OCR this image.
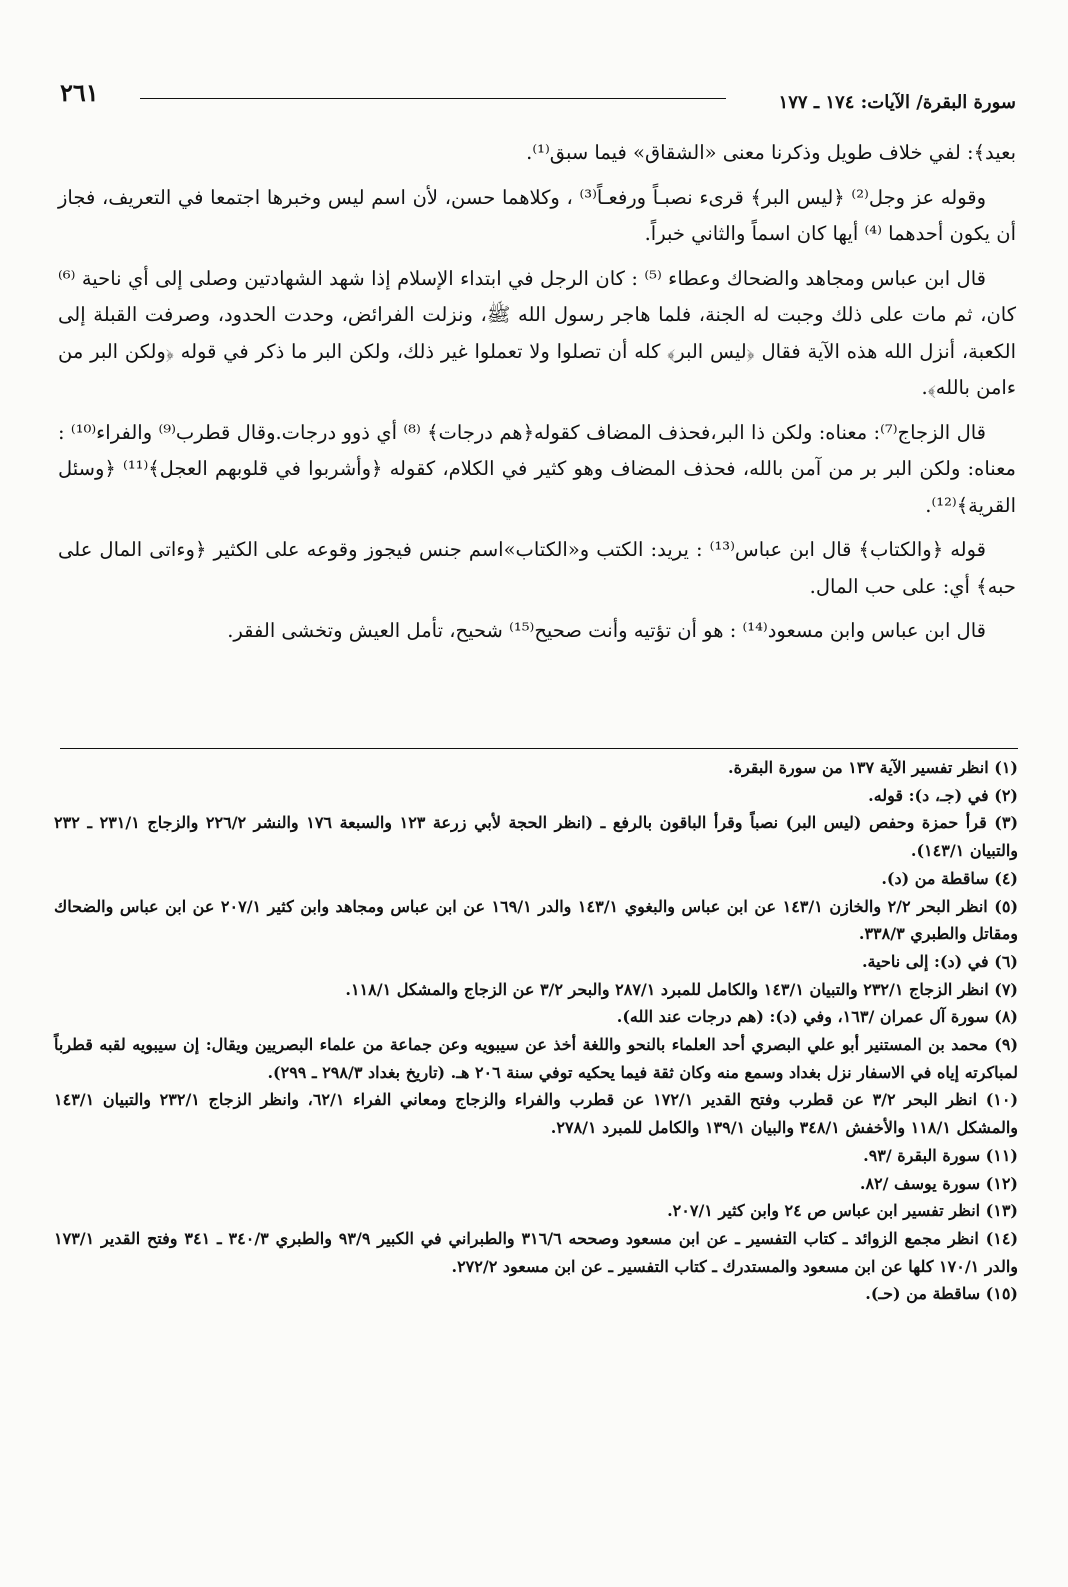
سورة البقرة/ الآيات: ١٧٤ ـ ١٧٧
٢٦١

بعيد﴾: لفي خلاف طويل وذكرنا معنى «الشقاق» فيما سبق⁽¹⁾.

وقوله عز وجل⁽²⁾ ﴿ليس البر﴾ قرىء نصبـاً ورفعـاً⁽³⁾ ، وكلاهما حسن، لأن اسم ليس وخبرها اجتمعا في التعريف، فجاز أن يكون أحدهما ⁽⁴⁾ أيها كان اسماً والثاني خبراً.

قال ابن عباس ومجاهد والضحاك وعطاء ⁽⁵⁾ : كان الرجل في ابتداء الإسلام إذا شهد الشهادتين وصلى إلى أي ناحية ⁽⁶⁾ كان، ثم مات على ذلك وجبت له الجنة، فلما هاجر رسول الله ﷺ، ونزلت الفرائض، وحدت الحدود، وصرفت القبلة إلى الكعبة، أنزل الله هذه الآية فقال ﴿ليس البر﴾ كله أن تصلوا ولا تعملوا غير ذلك، ولكن البر ما ذكر في قوله ﴿ولكن البر من ءامن بالله﴾.

قال الزجاج⁽⁷⁾: معناه: ولكن ذا البر،فحذف المضاف كقوله﴿هم درجات﴾ ⁽⁸⁾ أي ذوو درجات.وقال قطرب⁽⁹⁾ والفراء⁽¹⁰⁾ : معناه: ولكن البر بر من آمن بالله، فحذف المضاف وهو كثير في الكلام، كقوله ﴿وأشربوا في قلوبهم العجل﴾⁽¹¹⁾ ﴿وسئل القرية﴾⁽¹²⁾.

قوله ﴿والكتاب﴾ قال ابن عباس⁽¹³⁾ : يريد: الكتب و«الكتاب»اسم جنس فيجوز وقوعه على الكثير ﴿وءاتى المال على حبه﴾ أي: على حب المال.

قال ابن عباس وابن مسعود⁽¹⁴⁾ : هو أن تؤتيه وأنت صحيح⁽¹⁵⁾ شحيح، تأمل العيش وتخشى الفقر.

(١) انظر تفسير الآية ١٣٧ من سورة البقرة.

(٢) في (جـ، د): قوله.

(٣) قرأ حمزة وحفص (ليس البر) نصباً وقرأ الباقون بالرفع ـ (انظر الحجة لأبي زرعة ١٢٣ والسبعة ١٧٦ والنشر ٢٢٦/٢ والزجاج ٢٣١/١ ـ ٢٣٢ والتبيان ١٤٣/١).

(٤) ساقطة من (د).

(٥) انظر البحر ٢/٢ والخازن ١٤٣/١ عن ابن عباس والبغوي ١٤٣/١ والدر ١٦٩/١ عن ابن عباس ومجاهد وابن كثير ٢٠٧/١ عن ابن عباس والضحاك ومقاتل والطبري ٣٣٨/٣.

(٦) في (د): إلى ناحية.

(٧) انظر الزجاج ٢٣٢/١ والتبيان ١٤٣/١ والكامل للمبرد ٢٨٧/١ والبحر ٣/٢ عن الزجاج والمشكل ١١٨/١.

(٨) سورة آل عمران /١٦٣، وفي (د): (هم درجات عند الله).

(٩) محمد بن المستنير أبو علي البصري أحد العلماء بالنحو واللغة أخذ عن سيبويه وعن جماعة من علماء البصريين ويقال: إن سيبويه لقبه قطرباً لمباكرته إياه في الاسفار نزل بغداد وسمع منه وكان ثقة فيما يحكيه توفي سنة ٢٠٦ هـ. (تاريخ بغداد ٢٩٨/٣ ـ ٢٩٩).

(١٠) انظر البحر ٣/٢ عن قطرب وفتح القدير ١٧٢/١ عن قطرب والفراء والزجاج ومعاني الفراء ٦٢/١، وانظر الزجاج ٢٣٢/١ والتبيان ١٤٣/١ والمشكل ١١٨/١ والأخفش ٣٤٨/١ والبيان ١٣٩/١ والكامل للمبرد ٢٧٨/١.

(١١) سورة البقرة /٩٣.

(١٢) سورة يوسف /٨٢.

(١٣) انظر تفسير ابن عباس ص ٢٤ وابن كثير ٢٠٧/١.

(١٤) انظر مجمع الزوائد ـ كتاب التفسير ـ عن ابن مسعود وصححه ٣١٦/٦ والطبراني في الكبير ٩٣/٩ والطبري ٣٤٠/٣ ـ ٣٤١ وفتح القدير ١٧٣/١ والدر ١٧٠/١ كلها عن ابن مسعود والمستدرك ـ كتاب التفسير ـ عن ابن مسعود ٢٧٢/٢.

(١٥) ساقطة من (حـ).
